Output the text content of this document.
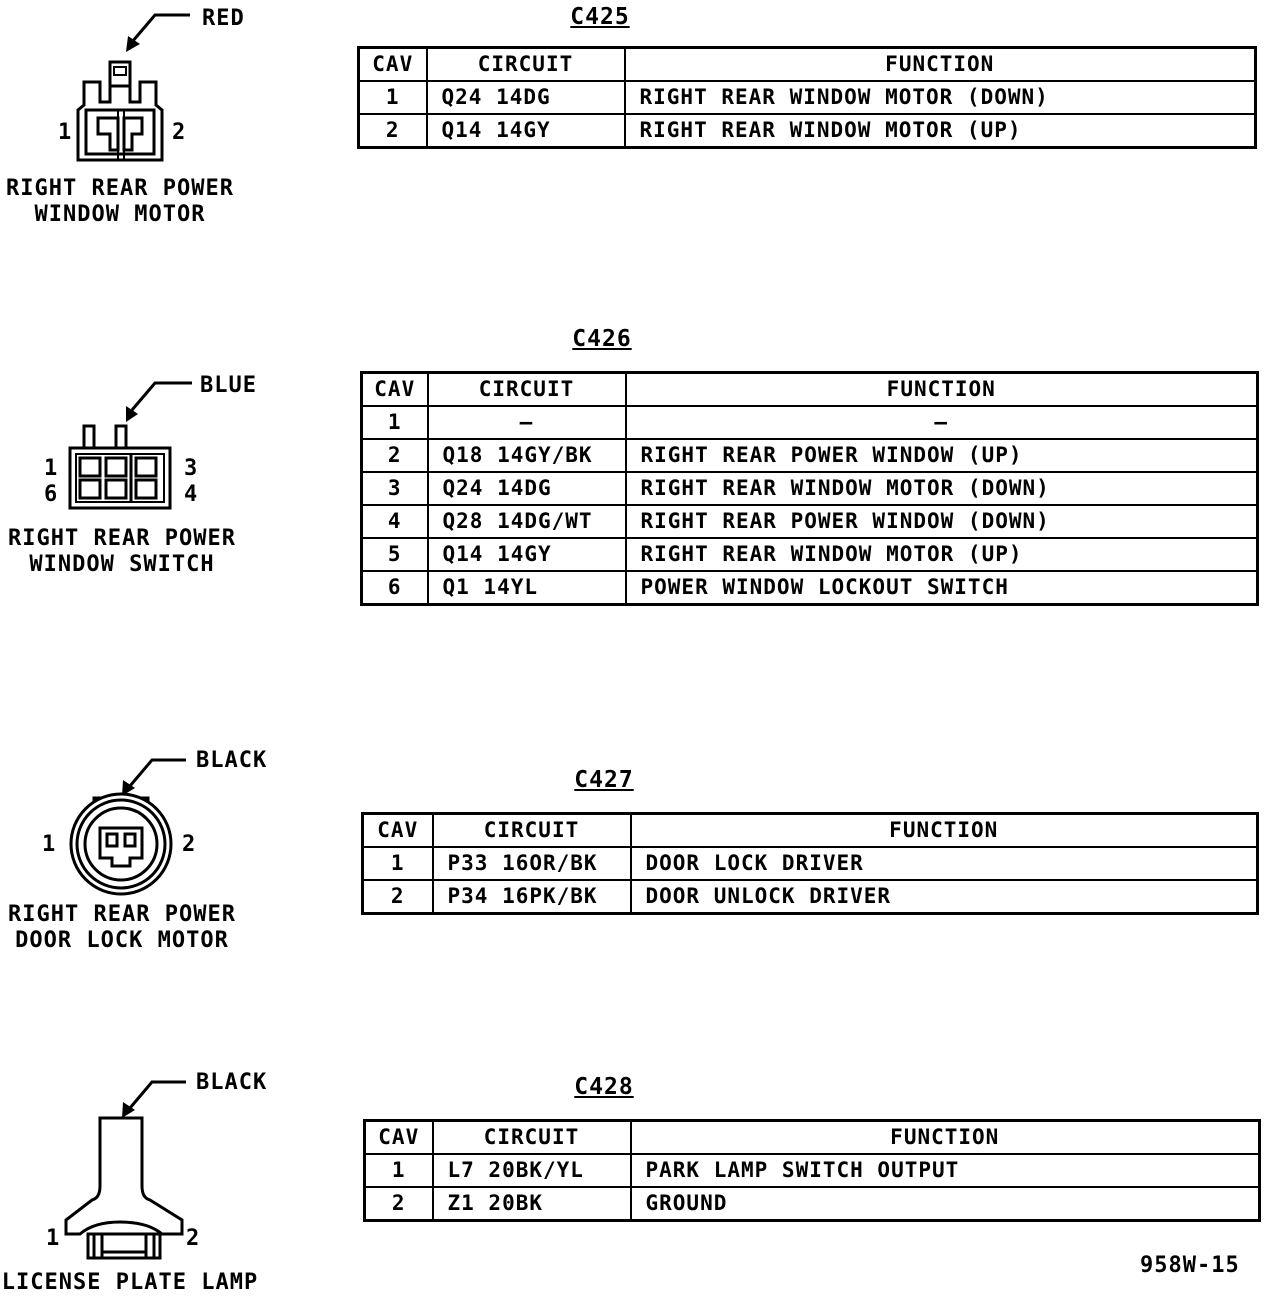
RED
1	2
RIGHT REAR POWER
WINDOW MOTOR
C425
CAV	CIRCUIT	FUNCTION
1	Q24 14DG	RIGHT REAR WINDOW MOTOR (DOWN)
2	Q14 14GY	RIGHT REAR WINDOW MOTOR (UP)
BLUE
1
6
3
4
RIGHT REAR POWER
WINDOW SWITCH
C426
CAV	CIRCUIT	FUNCTION
1	–	–
2	Q18 14GY/BK	RIGHT REAR POWER WINDOW (UP)
3	Q24 14DG	RIGHT REAR WINDOW MOTOR (DOWN)
4	Q28 14DG/WT	RIGHT REAR POWER WINDOW (DOWN)
5	Q14 14GY	RIGHT REAR WINDOW MOTOR (UP)
6	Q1 14YL	POWER WINDOW LOCKOUT SWITCH
BLACK
1	2
RIGHT REAR POWER
DOOR LOCK MOTOR
C427
CAV	CIRCUIT	FUNCTION
1	P33 16OR/BK	DOOR LOCK DRIVER
2	P34 16PK/BK	DOOR UNLOCK DRIVER
BLACK
1	2
LICENSE PLATE LAMP
C428
CAV	CIRCUIT	FUNCTION
1	L7 20BK/YL	PARK LAMP SWITCH OUTPUT
2	Z1 20BK	GROUND
958W-15
